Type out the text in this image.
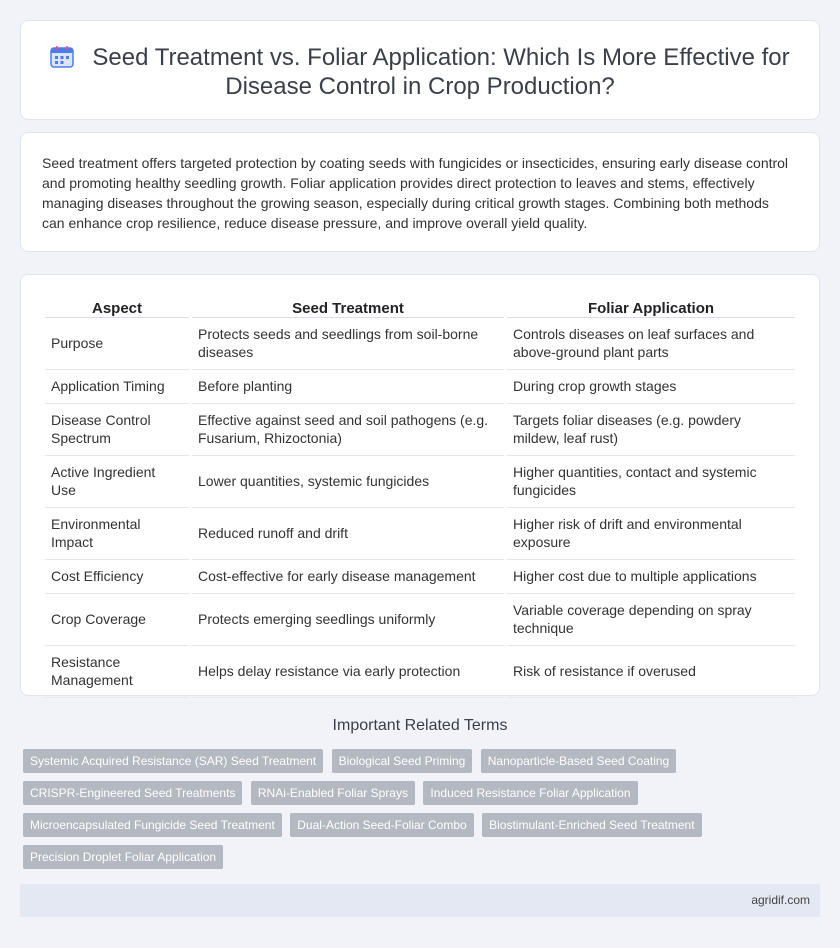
Seed Treatment vs. Foliar Application: Which Is More Effective for Disease Control in Crop Production?

Seed treatment offers targeted protection by coating seeds with fungicides or insecticides, ensuring early disease control and promoting healthy seedling growth. Foliar application provides direct protection to leaves and stems, effectively managing diseases throughout the growing season, especially during critical growth stages. Combining both methods can enhance crop resilience, reduce disease pressure, and improve overall yield quality.

Aspect	Seed Treatment	Foliar Application
Purpose	Protects seeds and seedlings from soil-borne diseases	Controls diseases on leaf surfaces and above-ground plant parts
Application Timing	Before planting	During crop growth stages
Disease Control Spectrum	Effective against seed and soil pathogens (e.g. Fusarium, Rhizoctonia)	Targets foliar diseases (e.g. powdery mildew, leaf rust)
Active Ingredient Use	Lower quantities, systemic fungicides	Higher quantities, contact and systemic fungicides
Environmental Impact	Reduced runoff and drift	Higher risk of drift and environmental exposure
Cost Efficiency	Cost-effective for early disease management	Higher cost due to multiple applications
Crop Coverage	Protects emerging seedlings uniformly	Variable coverage depending on spray technique
Resistance Management	Helps delay resistance via early protection	Risk of resistance if overused
Important Related Terms
Systemic Acquired Resistance (SAR) Seed Treatment Biological Seed Priming Nanoparticle-Based Seed Coating CRISPR-Engineered Seed Treatments RNAi-Enabled Foliar Sprays Induced Resistance Foliar Application Microencapsulated Fungicide Seed Treatment Dual-Action Seed-Foliar Combo Biostimulant-Enriched Seed Treatment Precision Droplet Foliar Application
agridif.com
